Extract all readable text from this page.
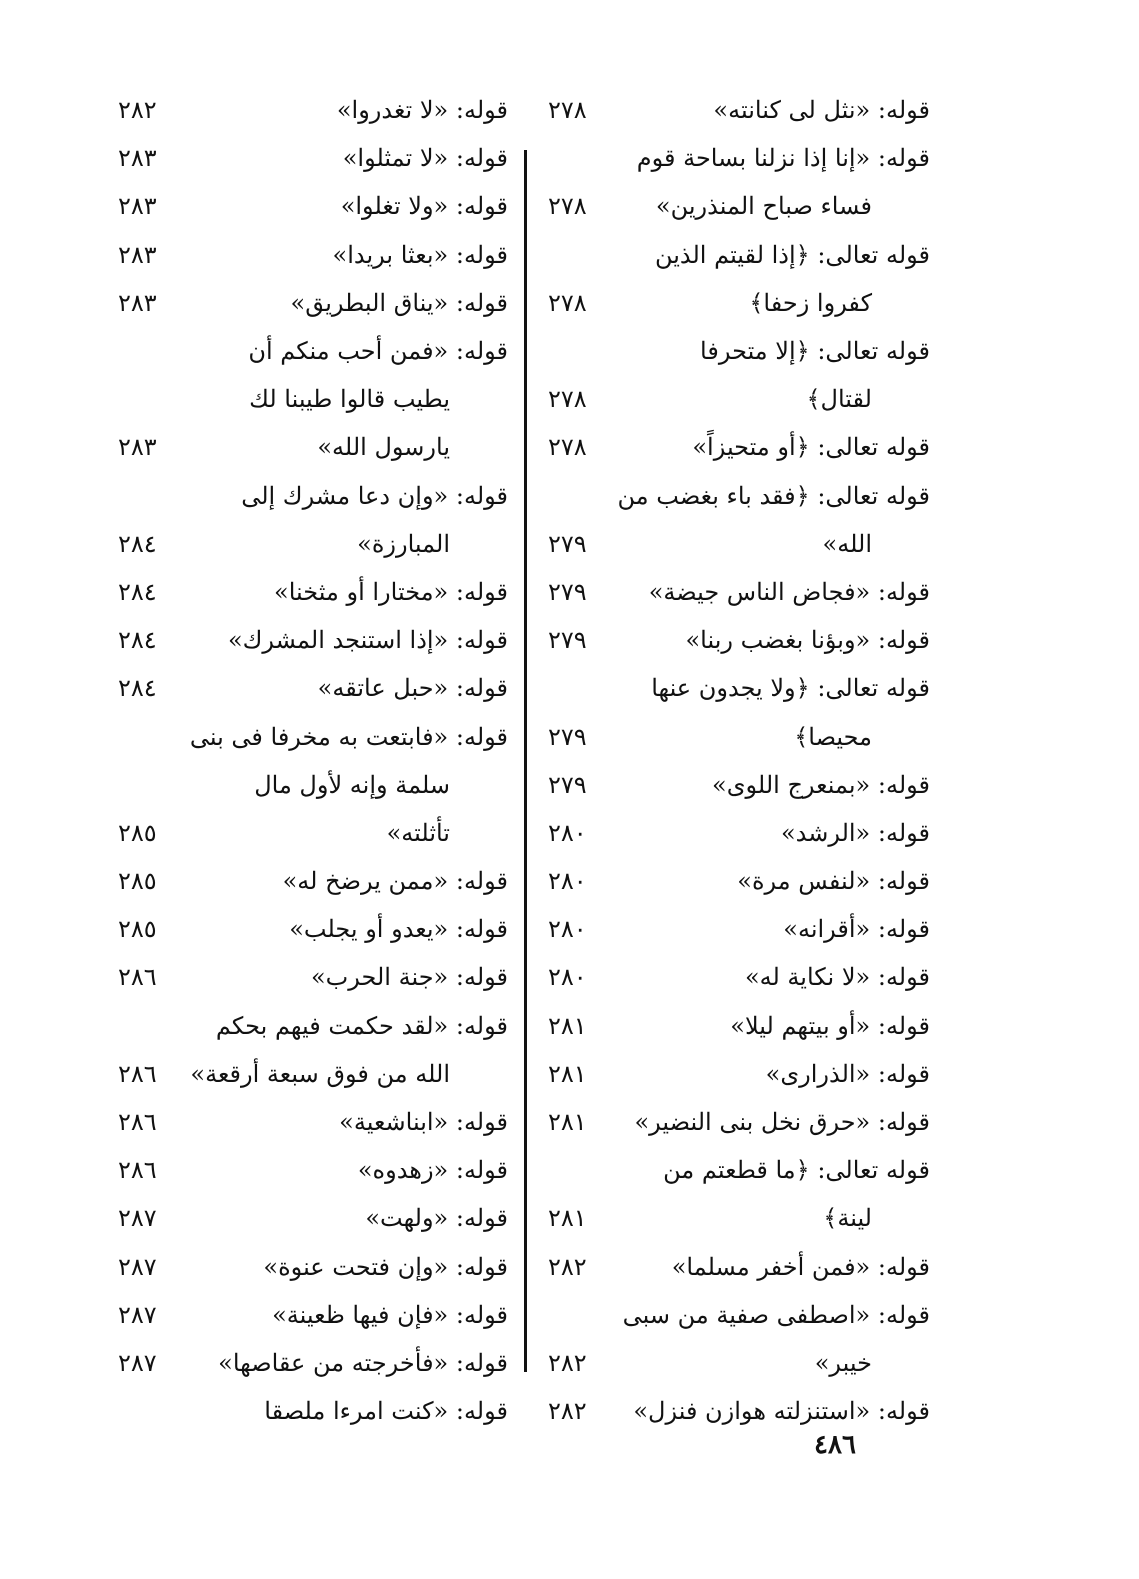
قوله: «نثل لى كنانته»
٢٧٨
قوله: «إنا إذا نزلنا بساحة قوم
فساء صباح المنذرين»
٢٧٨
قوله تعالى: ﴿إذا لقيتم الذين
كفروا زحفا﴾
٢٧٨
قوله تعالى: ﴿إلا متحرفا
لقتال﴾
٢٧٨
قوله تعالى: ﴿أو متحيزاً»
٢٧٨
قوله تعالى: ﴿فقد باء بغضب من
الله»
٢٧٩
قوله: «فجاض الناس جيضة»
٢٧٩
قوله: «وبؤنا بغضب ربنا»
٢٧٩
قوله تعالى: ﴿ولا يجدون عنها
محيصا﴾
٢٧٩
قوله: «بمنعرج اللوى»
٢٧٩
قوله: «الرشد»
٢٨٠
قوله: «لنفس مرة»
٢٨٠
قوله: «أقرانه»
٢٨٠
قوله: «لا نكاية له»
٢٨٠
قوله: «أو بيتهم ليلا»
٢٨١
قوله: «الذرارى»
٢٨١
قوله: «حرق نخل بنى النضير»
٢٨١
قوله تعالى: ﴿ما قطعتم من
لينة﴾
٢٨١
قوله: «فمن أخفر مسلما»
٢٨٢
قوله: «اصطفى صفية من سبى
خيبر»
٢٨٢
قوله: «استنزلته هوازن فنزل»
٢٨٢
قوله: «لا تغدروا»
٢٨٢
قوله: «لا تمثلوا»
٢٨٣
قوله: «ولا تغلوا»
٢٨٣
قوله: «بعثا بريدا»
٢٨٣
قوله: «يناق البطريق»
٢٨٣
قوله: «فمن أحب منكم أن
يطيب قالوا طيبنا لك
يارسول الله»
٢٨٣
قوله: «وإن دعا مشرك إلى
المبارزة»
٢٨٤
قوله: «مختارا أو مثخنا»
٢٨٤
قوله: «إذا استنجد المشرك»
٢٨٤
قوله: «حبل عاتقه»
٢٨٤
قوله: «فابتعت به مخرفا فى بنى
سلمة وإنه لأول مال
تأثلته»
٢٨٥
قوله: «ممن يرضخ له»
٢٨٥
قوله: «يعدو أو يجلب»
٢٨٥
قوله: «جنة الحرب»
٢٨٦
قوله: «لقد حكمت فيهم بحكم
الله من فوق سبعة أرقعة»
٢٨٦
قوله: «ابناشعية»
٢٨٦
قوله: «زهدوه»
٢٨٦
قوله: «ولهت»
٢٨٧
قوله: «وإن فتحت عنوة»
٢٨٧
قوله: «فإن فيها ظعينة»
٢٨٧
قوله: «فأخرجته من عقاصها»
٢٨٧
قوله: «كنت امرءا ملصقا
٤٨٦
